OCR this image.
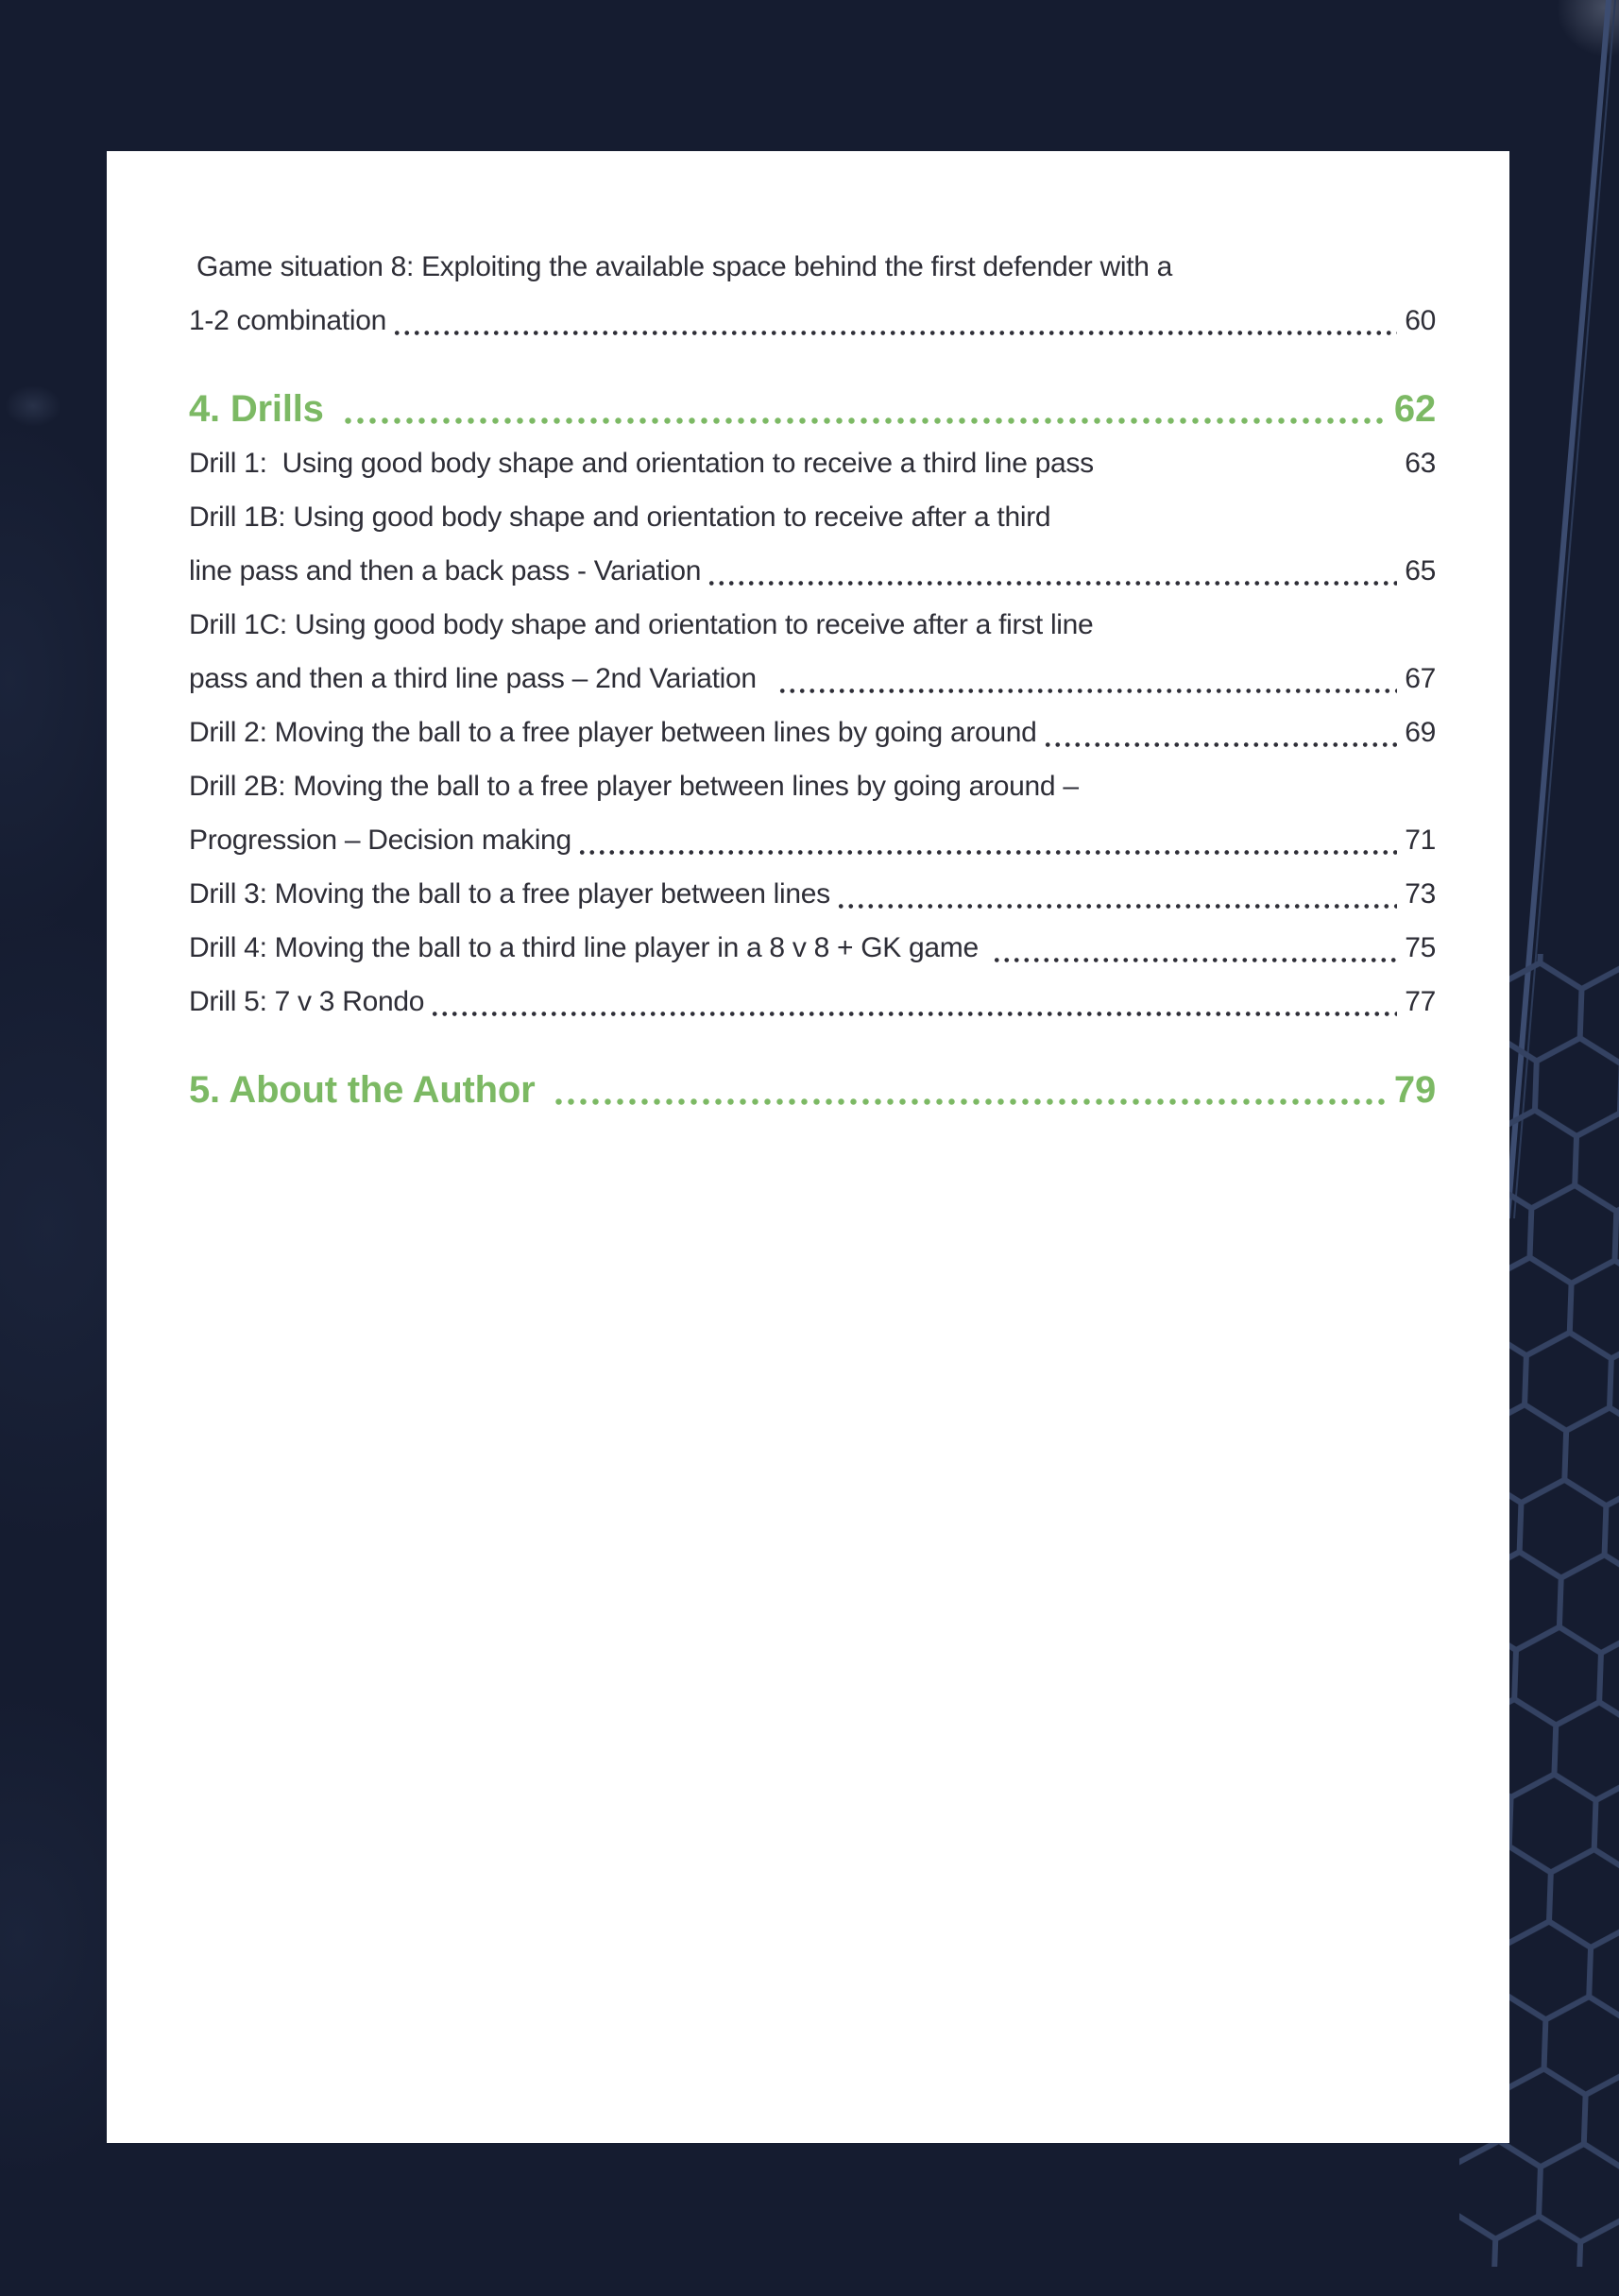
Game situation 8: Exploiting the available space behind the first defender with a
1-2 combination	60
4. Drills	62
Drill 1:  Using good body shape and orientation to receive a third line pass	63
Drill 1B: Using good body shape and orientation to receive after a third
line pass and then a back pass - Variation	65
Drill 1C: Using good body shape and orientation to receive after a first line
pass and then a third line pass – 2nd Variation	67
Drill 2: Moving the ball to a free player between lines by going around	69
Drill 2B: Moving the ball to a free player between lines by going around –
Progression – Decision making	71
Drill 3: Moving the ball to a free player between lines	73
Drill 4: Moving the ball to a third line player in a 8 v 8 + GK game	75
Drill 5: 7 v 3 Rondo	77
5. About the Author	79
